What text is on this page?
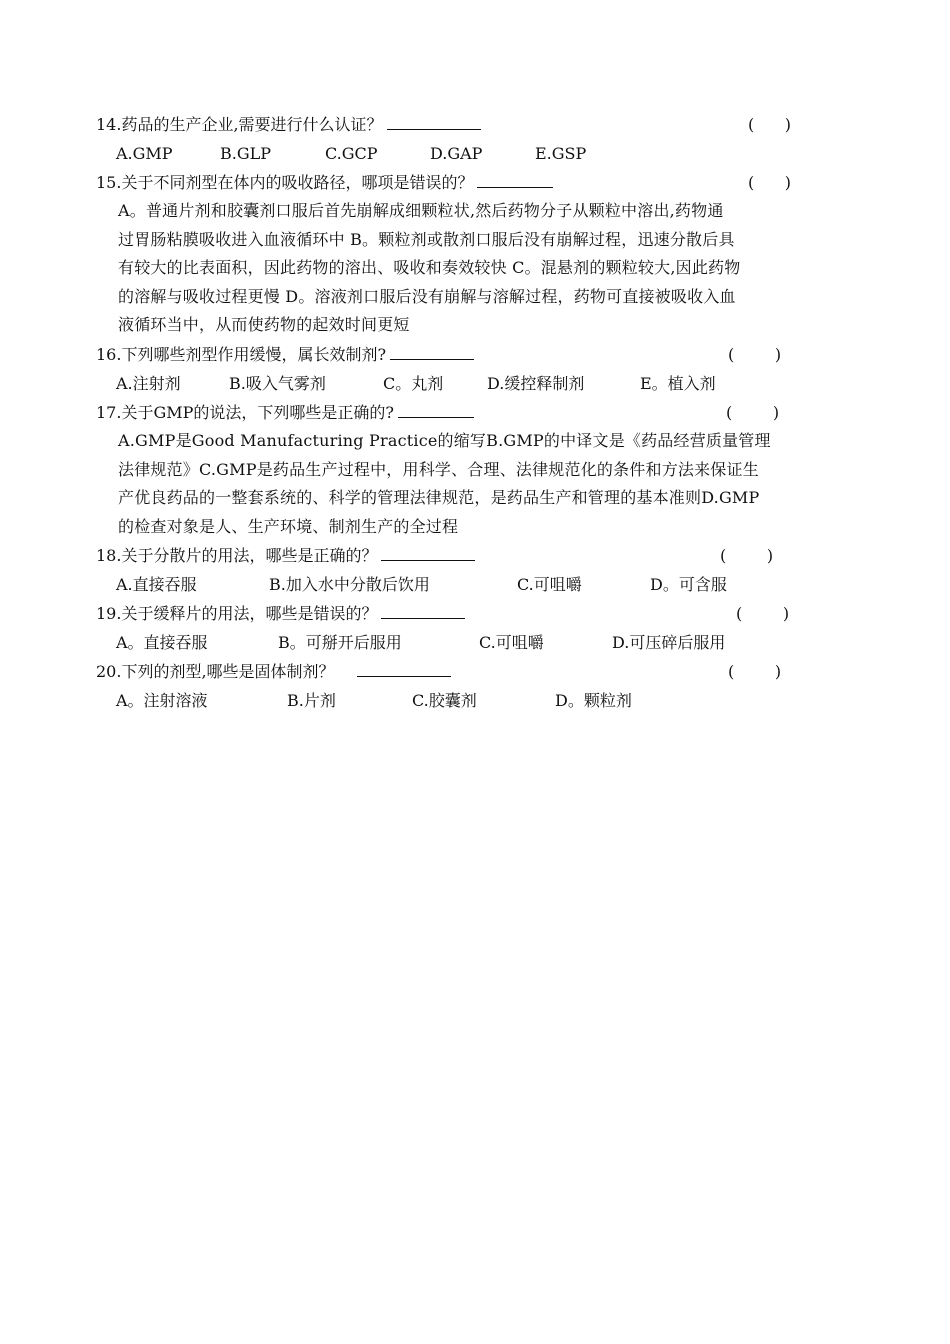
14.药品的生产企业,需要进行什么认证？	(      )
A.GMP	B.GLP	C.GCP	D.GAP	E.GSP
15.关于不同剂型在体内的吸收路径，哪项是错误的？	(      )
A。普通片剂和胶囊剂口服后首先崩解成细颗粒状,然后药物分子从颗粒中溶出,药物通
过胃肠粘膜吸收进入血液循环中 B。颗粒剂或散剂口服后没有崩解过程，迅速分散后具
有较大的比表面积，因此药物的溶出、吸收和奏效较快 C。混悬剂的颗粒较大,因此药物
的溶解与吸收过程更慢 D。溶液剂口服后没有崩解与溶解过程，药物可直接被吸收入血
液循环当中，从而使药物的起效时间更短
16.下列哪些剂型作用缓慢，属长效制剂?	(        )
A.注射剂	B.吸入气雾剂	C。丸剂	D.缓控释制剂	E。植入剂
17.关于GMP的说法，下列哪些是正确的?	(        )
A.GMP是Good Manufacturing Practice的缩写B.GMP的中译文是《药品经营质量管理
法律规范》C.GMP是药品生产过程中，用科学、合理、法律规范化的条件和方法来保证生
产优良药品的一整套系统的、科学的管理法律规范，是药品生产和管理的基本准则D.GMP
的检查对象是人、生产环境、制剂生产的全过程
18.关于分散片的用法，哪些是正确的？	(        )
A.直接吞服	B.加入水中分散后饮用	C.可咀嚼	D。可含服
19.关于缓释片的用法，哪些是错误的？	(        )
A。直接吞服	B。可掰开后服用	C.可咀嚼	D.可压碎后服用
20.下列的剂型,哪些是固体制剂？	(        )
A。注射溶液	B.片剂	C.胶囊剂	D。颗粒剂
